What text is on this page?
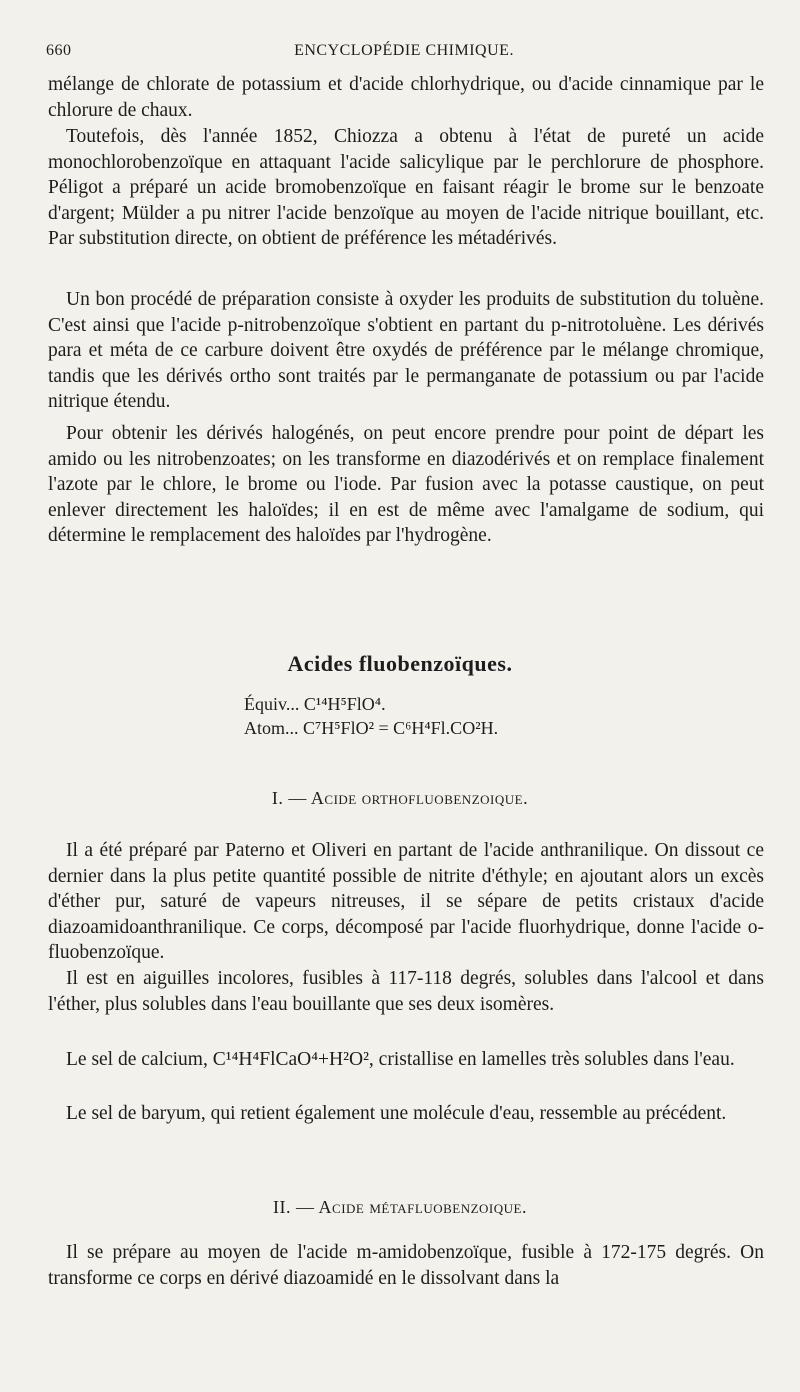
660	ENCYCLOPÉDIE CHIMIQUE.

mélange de chlorate de potassium et d'acide chlorhydrique, ou d'acide cinnamique par le chlorure de chaux.

Toutefois, dès l'année 1852, Chiozza a obtenu à l'état de pureté un acide monochlorobenzoïque en attaquant l'acide salicylique par le perchlorure de phosphore. Péligot a préparé un acide bromobenzoïque en faisant réagir le brome sur le benzoate d'argent; Mülder a pu nitrer l'acide benzoïque au moyen de l'acide nitrique bouillant, etc. Par substitution directe, on obtient de préférence les métadérivés.

Un bon procédé de préparation consiste à oxyder les produits de substitution du toluène. C'est ainsi que l'acide p-nitrobenzoïque s'obtient en partant du p-nitrotoluène. Les dérivés para et méta de ce carbure doivent être oxydés de préférence par le mélange chromique, tandis que les dérivés ortho sont traités par le permanganate de potassium ou par l'acide nitrique étendu.

Pour obtenir les dérivés halogénés, on peut encore prendre pour point de départ les amido ou les nitrobenzoates; on les transforme en diazodérivés et on remplace finalement l'azote par le chlore, le brome ou l'iode. Par fusion avec la potasse caustique, on peut enlever directement les haloïdes; il en est de même avec l'amalgame de sodium, qui détermine le remplacement des haloïdes par l'hydrogène.

Acides fluobenzoïques.
Équiv... C¹⁴H⁵FlO⁴.
Atom... C⁷H⁵FlO² = C⁶H⁴Fl.CO²H.
I. — Acide orthofluobenzoique.

Il a été préparé par Paterno et Oliveri en partant de l'acide anthranilique. On dissout ce dernier dans la plus petite quantité possible de nitrite d'éthyle; en ajoutant alors un excès d'éther pur, saturé de vapeurs nitreuses, il se sépare de petits cristaux d'acide diazoamidoanthranilique. Ce corps, décomposé par l'acide fluorhydrique, donne l'acide o-fluobenzoïque.

Il est en aiguilles incolores, fusibles à 117-118 degrés, solubles dans l'alcool et dans l'éther, plus solubles dans l'eau bouillante que ses deux isomères.

Le sel de calcium, C¹⁴H⁴FlCaO⁴+H²O², cristallise en lamelles très solubles dans l'eau.

Le sel de baryum, qui retient également une molécule d'eau, ressemble au précédent.

II. — Acide métafluobenzoique.

Il se prépare au moyen de l'acide m-amidobenzoïque, fusible à 172-175 degrés. On transforme ce corps en dérivé diazoamidé en le dissolvant dans la
